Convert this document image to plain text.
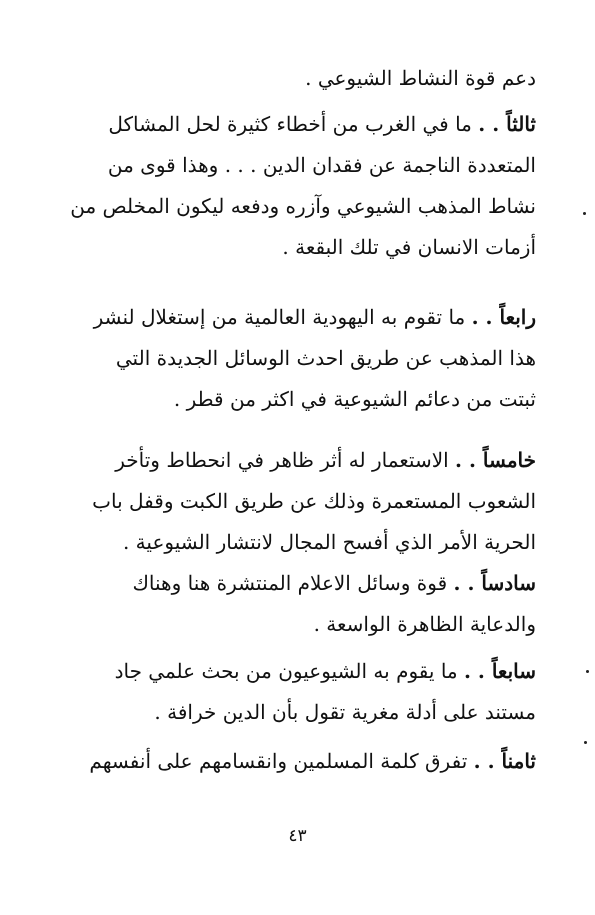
دعم قوة النشاط الشيوعي .
ثالثاً . . ما في الغرب من أخطاء كثيرة لحل المشاكل
المتعددة الناجمة عن فقدان الدين . . . وهذا قوى من
نشاط المذهب الشيوعي وآزره ودفعه ليكون المخلص من
أزمات الانسان في تلك البقعة .
رابعاً . . ما تقوم به اليهودية العالمية من إستغلال لنشر
هذا المذهب عن طريق احدث الوسائل الجديدة التي
ثبتت من دعائم الشيوعية في اكثر من قطر .
خامساً . . الاستعمار له أثر ظاهر في انحطاط وتأخر
الشعوب المستعمرة وذلك عن طريق الكبت وقفل باب
الحرية الأمر الذي أفسح المجال لانتشار الشيوعية .
سادساً . . قوة وسائل الاعلام المنتشرة هنا وهناك
والدعاية الظاهرة الواسعة .
سابعاً . . ما يقوم به الشيوعيون من بحث علمي جاد
مستند على أدلة مغرية تقول بأن الدين خرافة .
ثامناً . . تفرق كلمة المسلمين وانقسامهم على أنفسهم
٤٣
